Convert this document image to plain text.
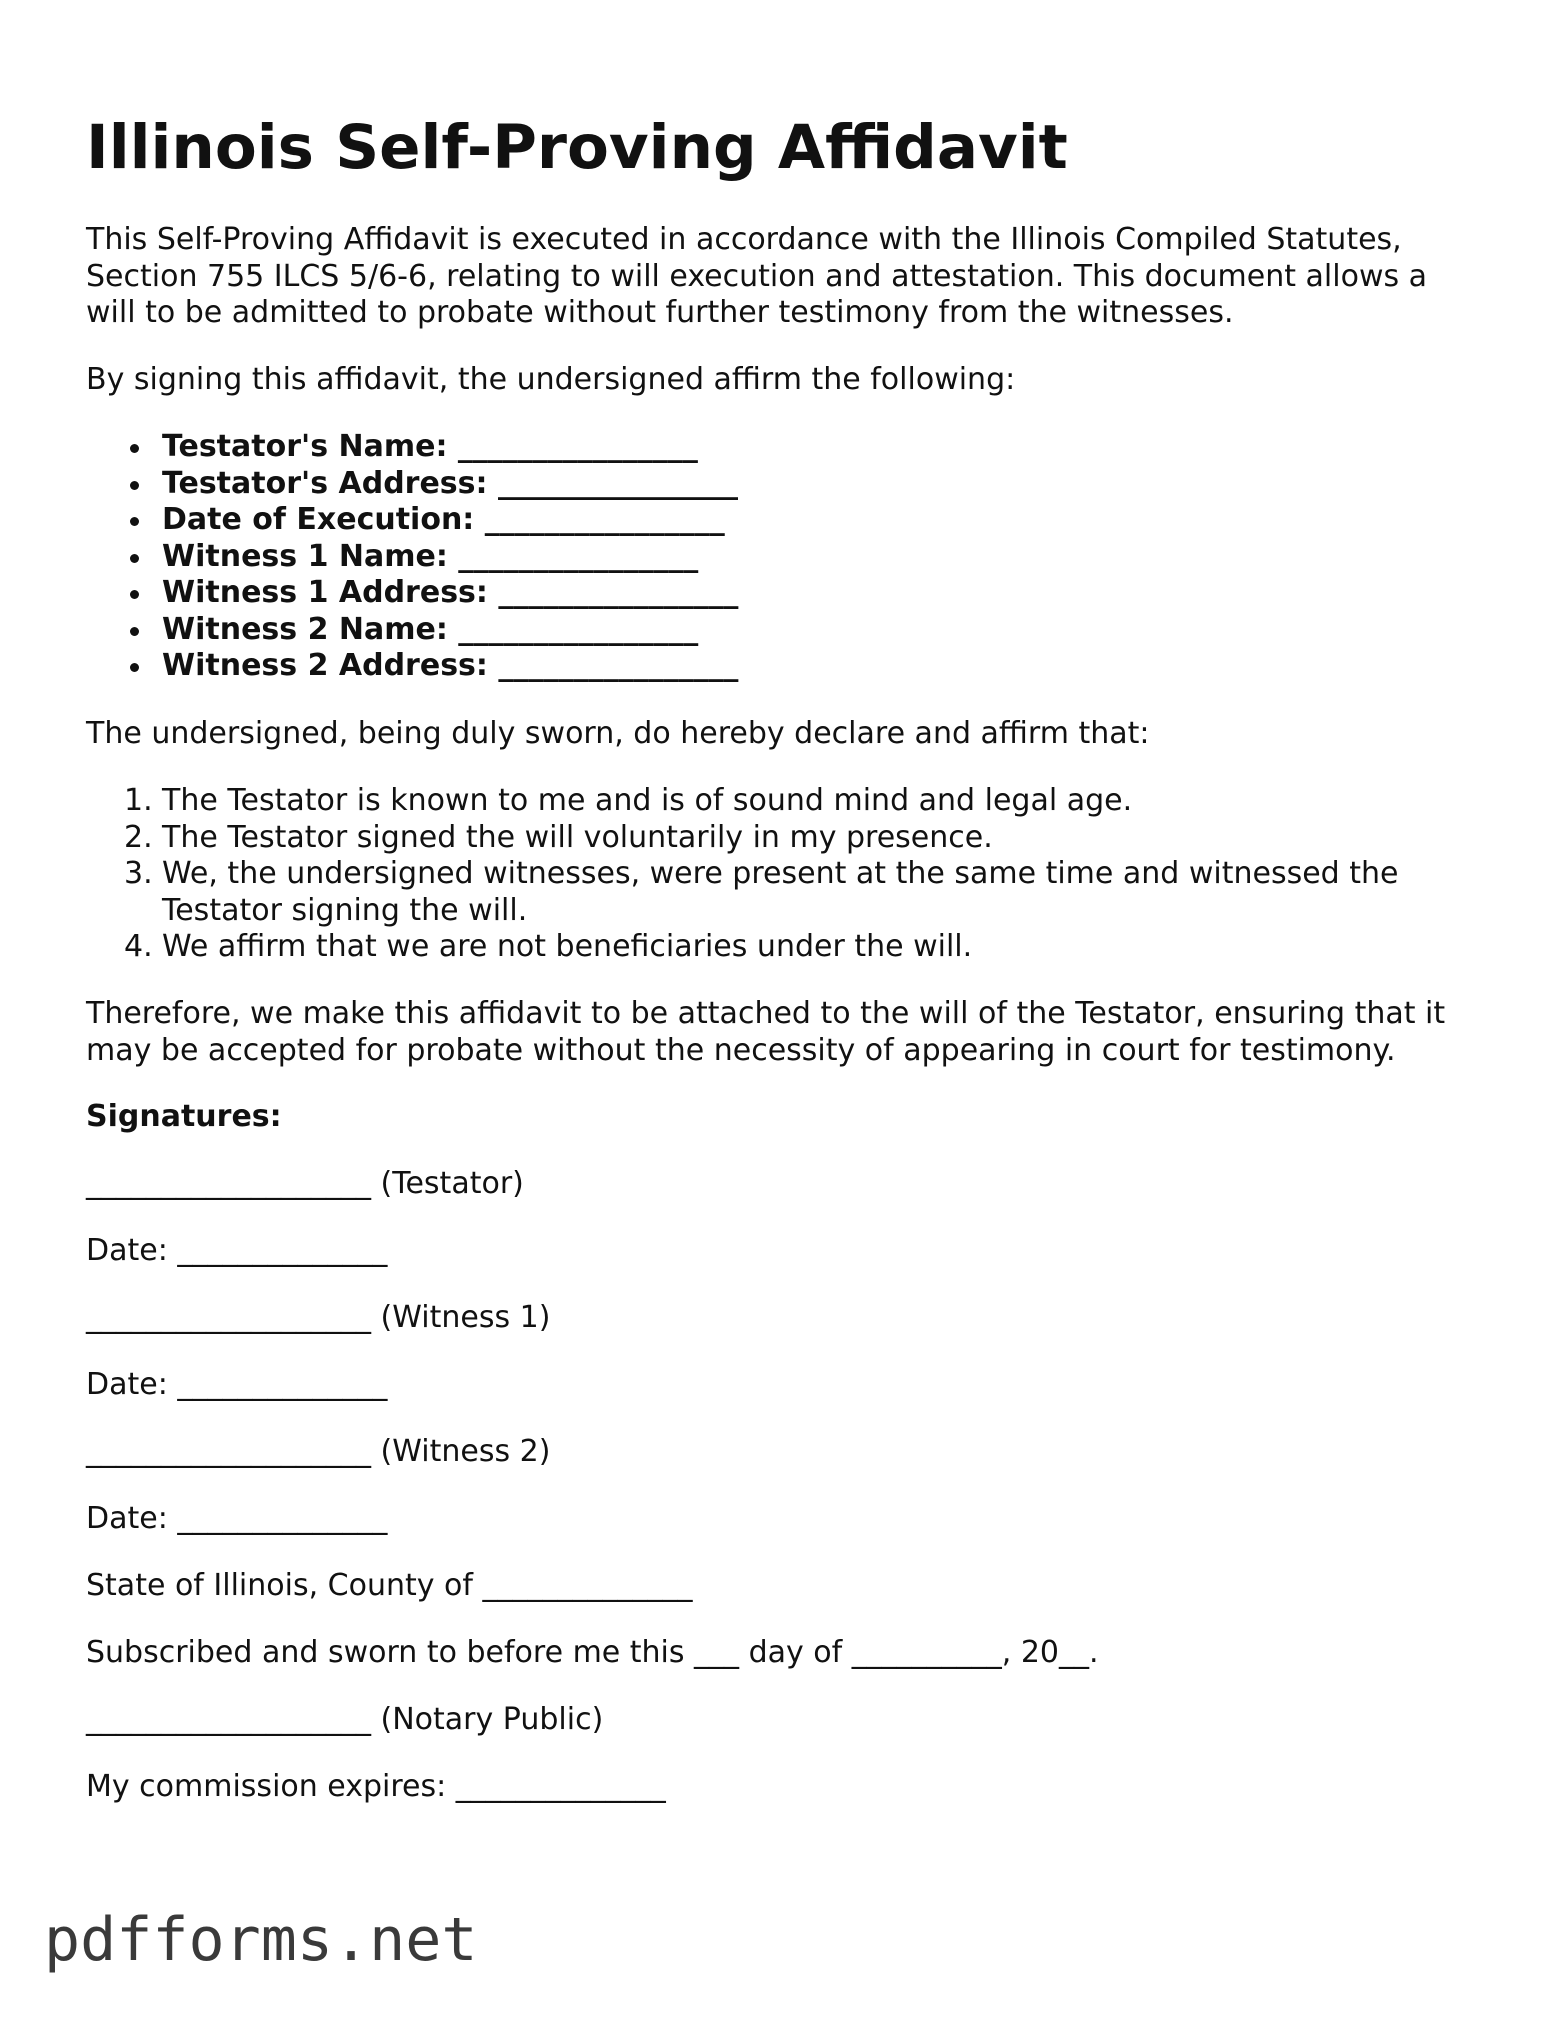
Illinois Self-Proving Affidavit

This Self-Proving Affidavit is executed in accordance with the Illinois Compiled Statutes,

Section 755 ILCS 5/6-6, relating to will execution and attestation. This document allows a

will to be admitted to probate without further testimony from the witnesses.

By signing this affidavit, the undersigned affirm the following:

Testator's Name: ________________
Testator's Address: ________________
Date of Execution: ________________
Witness 1 Name: ________________
Witness 1 Address: ________________
Witness 2 Name: ________________
Witness 2 Address: ________________

The undersigned, being duly sworn, do hereby declare and affirm that:

1. The Testator is known to me and is of sound mind and legal age.
2. The Testator signed the will voluntarily in my presence.
3. We, the undersigned witnesses, were present at the same time and witnessed the
Testator signing the will.
4. We affirm that we are not beneficiaries under the will.

Therefore, we make this affidavit to be attached to the will of the Testator, ensuring that it

may be accepted for probate without the necessity of appearing in court for testimony.

Signatures:

___________________ (Testator)

Date: ______________

___________________ (Witness 1)

Date: ______________

___________________ (Witness 2)

Date: ______________

State of Illinois, County of ______________

Subscribed and sworn to before me this ___ day of __________, 20__.

___________________ (Notary Public)

My commission expires: ______________

pdfforms.net
